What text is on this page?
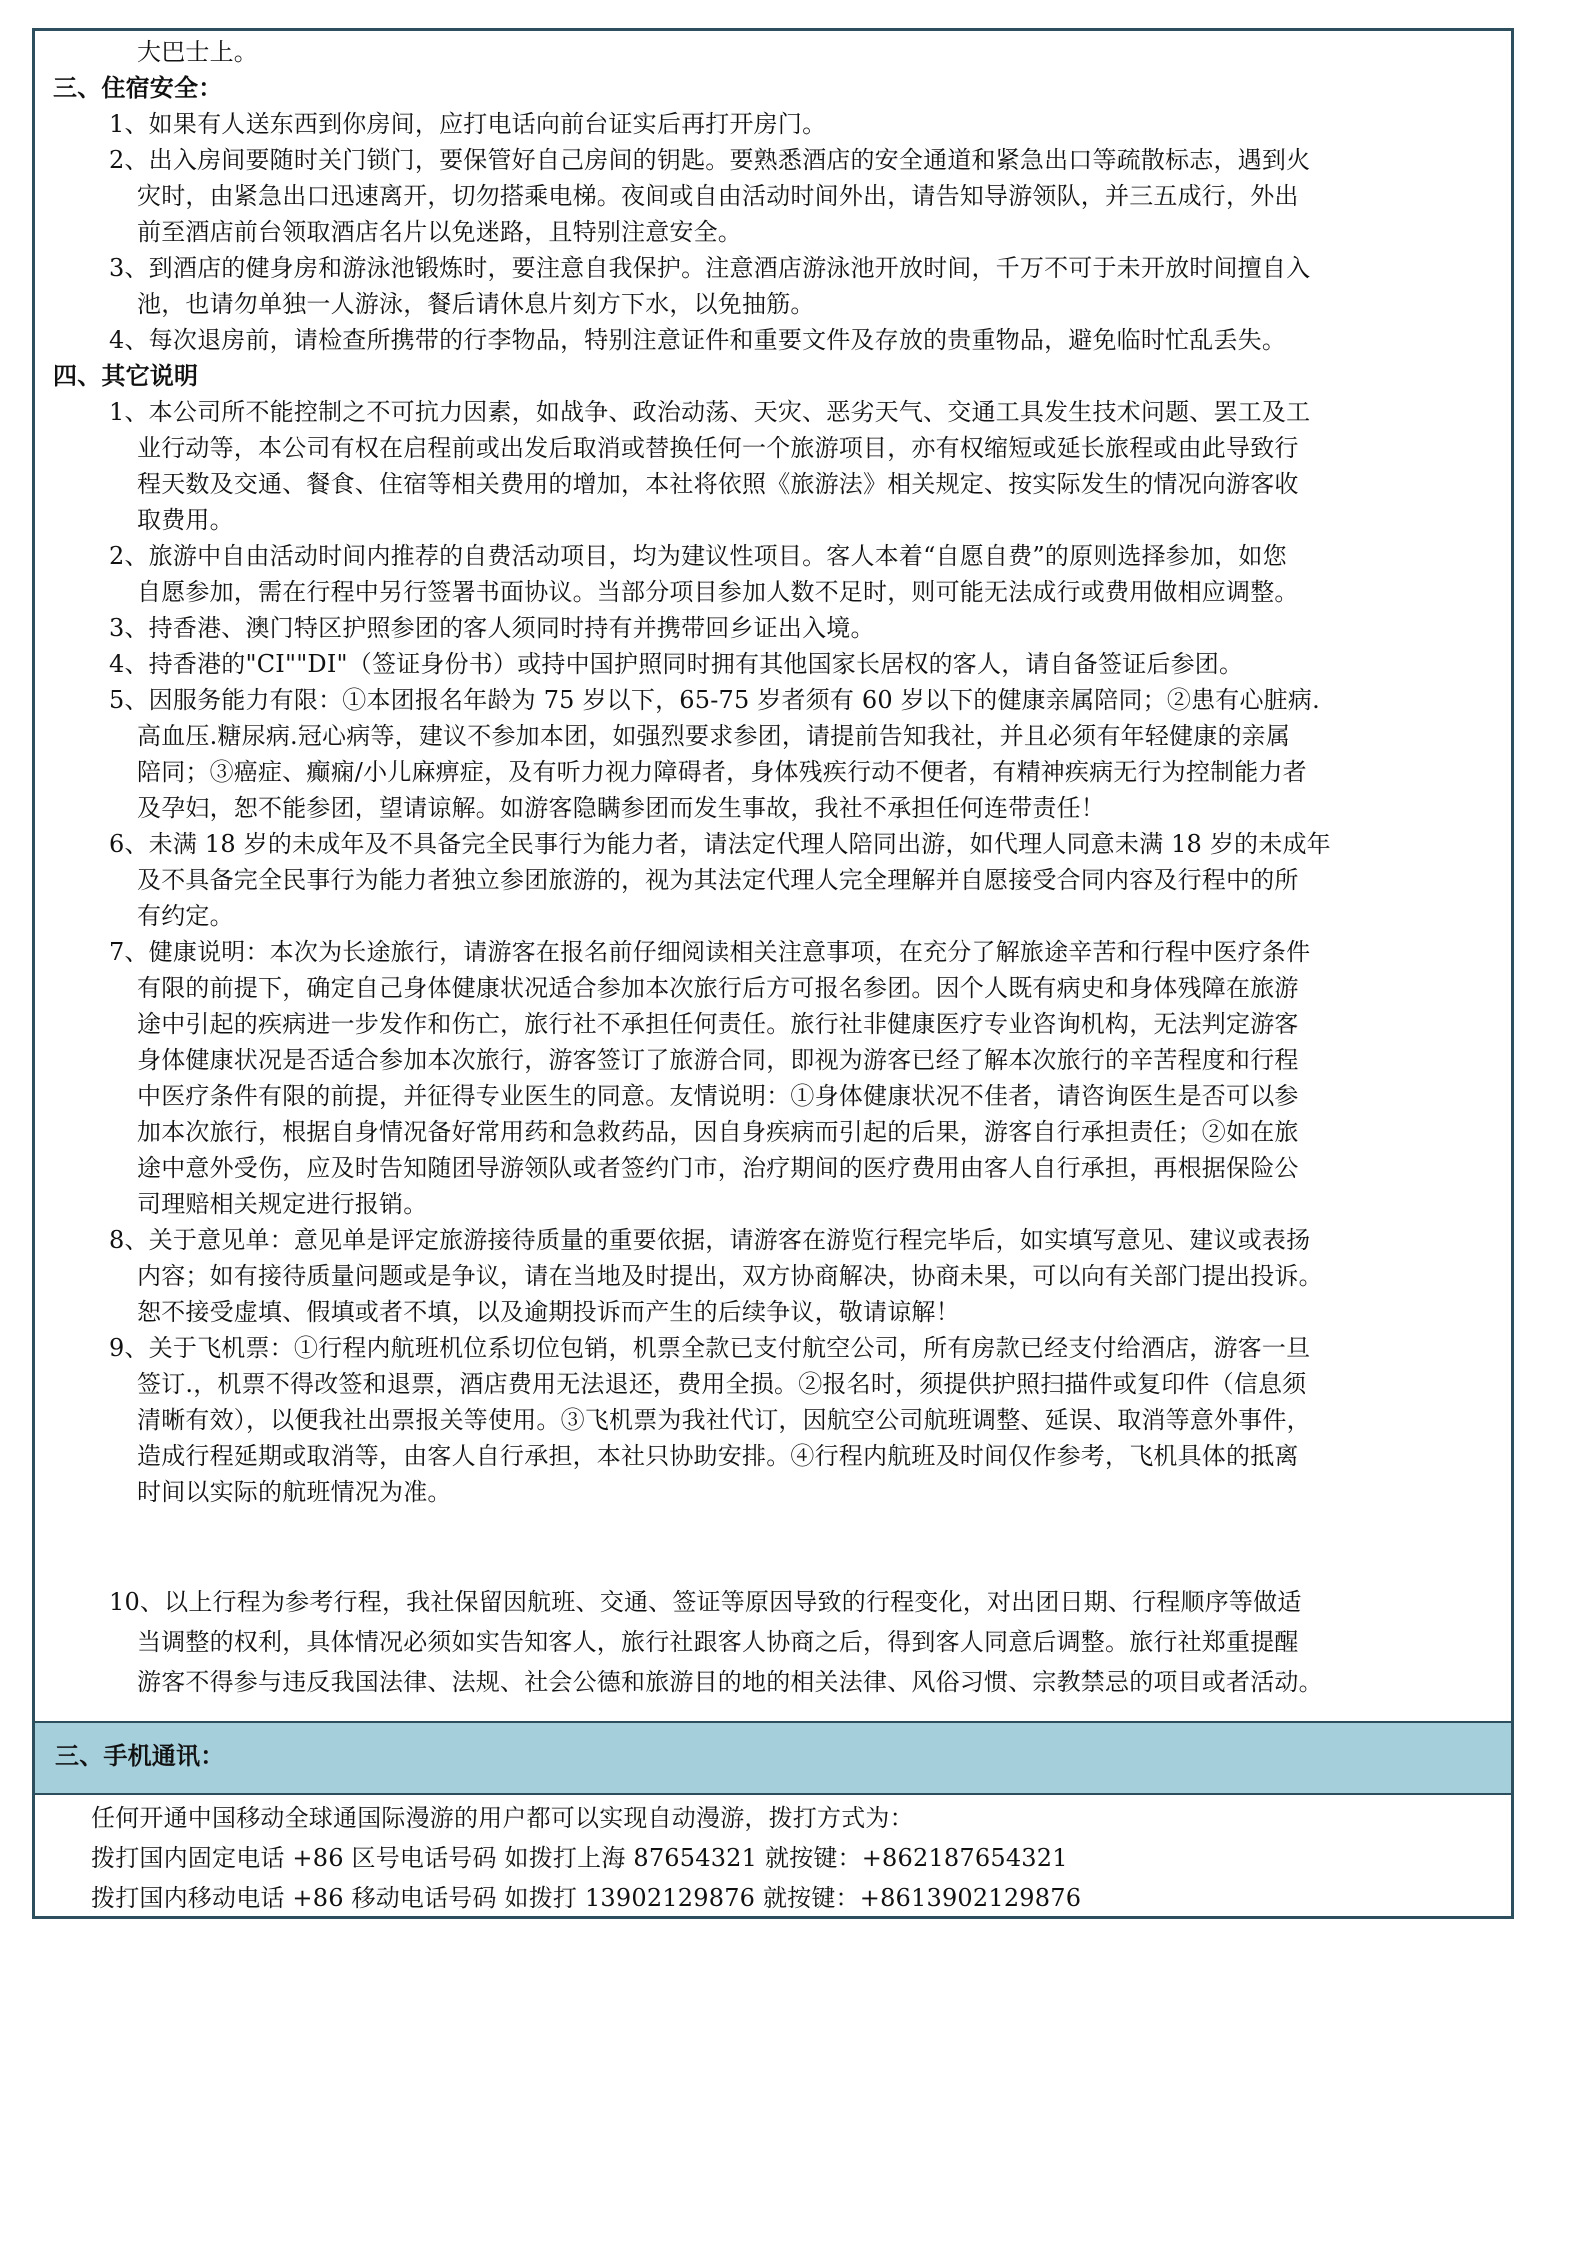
大巴士上。
三、住宿安全：
1、如果有人送东西到你房间，应打电话向前台证实后再打开房门。
2、出入房间要随时关门锁门，要保管好自己房间的钥匙。要熟悉酒店的安全通道和紧急出口等疏散标志，遇到火
灾时，由紧急出口迅速离开，切勿搭乘电梯。夜间或自由活动时间外出，请告知导游领队，并三五成行，外出
前至酒店前台领取酒店名片以免迷路，且特别注意安全。
3、到酒店的健身房和游泳池锻炼时，要注意自我保护。注意酒店游泳池开放时间，千万不可于未开放时间擅自入
池，也请勿单独一人游泳，餐后请休息片刻方下水，以免抽筋。
4、每次退房前，请检查所携带的行李物品，特别注意证件和重要文件及存放的贵重物品，避免临时忙乱丢失。
四、其它说明
1、本公司所不能控制之不可抗力因素，如战争、政治动荡、天灾、恶劣天气、交通工具发生技术问题、罢工及工
业行动等，本公司有权在启程前或出发后取消或替换任何一个旅游项目，亦有权缩短或延长旅程或由此导致行
程天数及交通、餐食、住宿等相关费用的增加，本社将依照《旅游法》相关规定、按实际发生的情况向游客收
取费用。
2、旅游中自由活动时间内推荐的自费活动项目，均为建议性项目。客人本着“自愿自费”的原则选择参加，如您
自愿参加，需在行程中另行签署书面协议。当部分项目参加人数不足时，则可能无法成行或费用做相应调整。
3、持香港、澳门特区护照参团的客人须同时持有并携带回乡证出入境。
4、持香港的"CI""DI"（签证身份书）或持中国护照同时拥有其他国家长居权的客人，请自备签证后参团。
5、因服务能力有限：①本团报名年龄为 75 岁以下，65-75 岁者须有 60 岁以下的健康亲属陪同；②患有心脏病.
高血压.糖尿病.冠心病等，建议不参加本团，如强烈要求参团，请提前告知我社，并且必须有年轻健康的亲属
陪同；③癌症、癫痫/小儿麻痹症，及有听力视力障碍者，身体残疾行动不便者，有精神疾病无行为控制能力者
及孕妇，恕不能参团，望请谅解。如游客隐瞒参团而发生事故，我社不承担任何连带责任！
6、未满 18 岁的未成年及不具备完全民事行为能力者，请法定代理人陪同出游，如代理人同意未满 18 岁的未成年
及不具备完全民事行为能力者独立参团旅游的，视为其法定代理人完全理解并自愿接受合同内容及行程中的所
有约定。
7、健康说明：本次为长途旅行，请游客在报名前仔细阅读相关注意事项，在充分了解旅途辛苦和行程中医疗条件
有限的前提下，确定自己身体健康状况适合参加本次旅行后方可报名参团。因个人既有病史和身体残障在旅游
途中引起的疾病进一步发作和伤亡，旅行社不承担任何责任。旅行社非健康医疗专业咨询机构，无法判定游客
身体健康状况是否适合参加本次旅行，游客签订了旅游合同，即视为游客已经了解本次旅行的辛苦程度和行程
中医疗条件有限的前提，并征得专业医生的同意。友情说明：①身体健康状况不佳者，请咨询医生是否可以参
加本次旅行，根据自身情况备好常用药和急救药品，因自身疾病而引起的后果，游客自行承担责任；②如在旅
途中意外受伤，应及时告知随团导游领队或者签约门市，治疗期间的医疗费用由客人自行承担，再根据保险公
司理赔相关规定进行报销。
8、关于意见单：意见单是评定旅游接待质量的重要依据，请游客在游览行程完毕后，如实填写意见、建议或表扬
内容；如有接待质量问题或是争议，请在当地及时提出，双方协商解决，协商未果，可以向有关部门提出投诉。
恕不接受虚填、假填或者不填，以及逾期投诉而产生的后续争议，敬请谅解！
9、关于飞机票：①行程内航班机位系切位包销，机票全款已支付航空公司，所有房款已经支付给酒店，游客一旦
签订.，机票不得改签和退票，酒店费用无法退还，费用全损。②报名时，须提供护照扫描件或复印件（信息须
清晰有效），以便我社出票报关等使用。③飞机票为我社代订，因航空公司航班调整、延误、取消等意外事件，
造成行程延期或取消等，由客人自行承担，本社只协助安排。④行程内航班及时间仅作参考，飞机具体的抵离
时间以实际的航班情况为准。
10、以上行程为参考行程，我社保留因航班、交通、签证等原因导致的行程变化，对出团日期、行程顺序等做适
当调整的权利，具体情况必须如实告知客人，旅行社跟客人协商之后，得到客人同意后调整。旅行社郑重提醒
游客不得参与违反我国法律、法规、社会公德和旅游目的地的相关法律、风俗习惯、宗教禁忌的项目或者活动。
三、手机通讯：
任何开通中国移动全球通国际漫游的用户都可以实现自动漫游，拨打方式为：
拨打国内固定电话 +86 区号电话号码 如拨打上海 87654321 就按键：+862187654321
拨打国内移动电话 +86 移动电话号码 如拨打 13902129876 就按键：+8613902129876
